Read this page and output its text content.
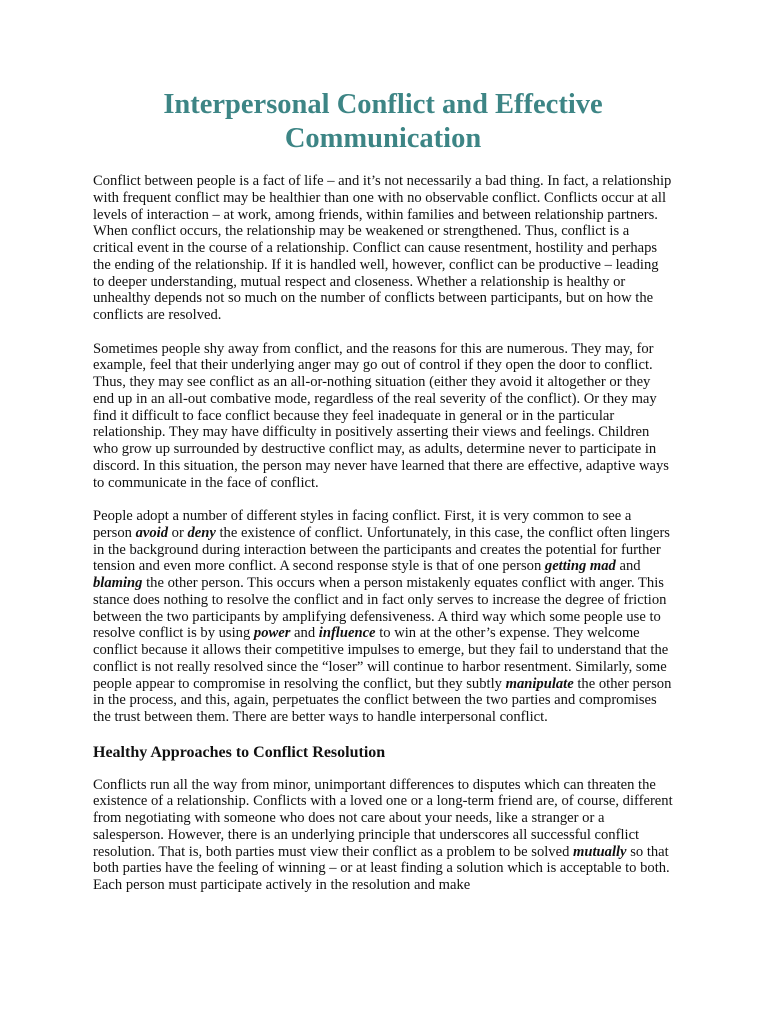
Interpersonal Conflict and Effective Communication

Conflict between people is a fact of life – and it’s not necessarily a bad thing. In fact, a relationship with frequent conflict may be healthier than one with no observable conflict. Conflicts occur at all levels of interaction – at work, among friends, within families and between relationship partners. When conflict occurs, the relationship may be weakened or strengthened. Thus, conflict is a critical event in the course of a relationship. Conflict can cause resentment, hostility and perhaps the ending of the relationship. If it is handled well, however, conflict can be productive – leading to deeper understanding, mutual respect and closeness. Whether a relationship is healthy or unhealthy depends not so much on the number of conflicts between participants, but on how the conflicts are resolved.

Sometimes people shy away from conflict, and the reasons for this are numerous. They may, for example, feel that their underlying anger may go out of control if they open the door to conflict. Thus, they may see conflict as an all-or-nothing situation (either they avoid it altogether or they end up in an all-out combative mode, regardless of the real severity of the conflict). Or they may find it difficult to face conflict because they feel inadequate in general or in the particular relationship. They may have difficulty in positively asserting their views and feelings. Children who grow up surrounded by destructive conflict may, as adults, determine never to participate in discord. In this situation, the person may never have learned that there are effective, adaptive ways to communicate in the face of conflict.

People adopt a number of different styles in facing conflict. First, it is very common to see a person avoid or deny the existence of conflict. Unfortunately, in this case, the conflict often lingers in the background during interaction between the participants and creates the potential for further tension and even more conflict. A second response style is that of one person getting mad and blaming the other person. This occurs when a person mistakenly equates conflict with anger. This stance does nothing to resolve the conflict and in fact only serves to increase the degree of friction between the two participants by amplifying defensiveness. A third way which some people use to resolve conflict is by using power and influence to win at the other’s expense. They welcome conflict because it allows their competitive impulses to emerge, but they fail to understand that the conflict is not really resolved since the “loser” will continue to harbor resentment. Similarly, some people appear to compromise in resolving the conflict, but they subtly manipulate the other person in the process, and this, again, perpetuates the conflict between the two parties and compromises the trust between them. There are better ways to handle interpersonal conflict.

Healthy Approaches to Conflict Resolution

Conflicts run all the way from minor, unimportant differences to disputes which can threaten the existence of a relationship. Conflicts with a loved one or a long-term friend are, of course, different from negotiating with someone who does not care about your needs, like a stranger or a salesperson. However, there is an underlying principle that underscores all successful conflict resolution. That is, both parties must view their conflict as a problem to be solved mutually so that both parties have the feeling of winning – or at least finding a solution which is acceptable to both. Each person must participate actively in the resolution and make
